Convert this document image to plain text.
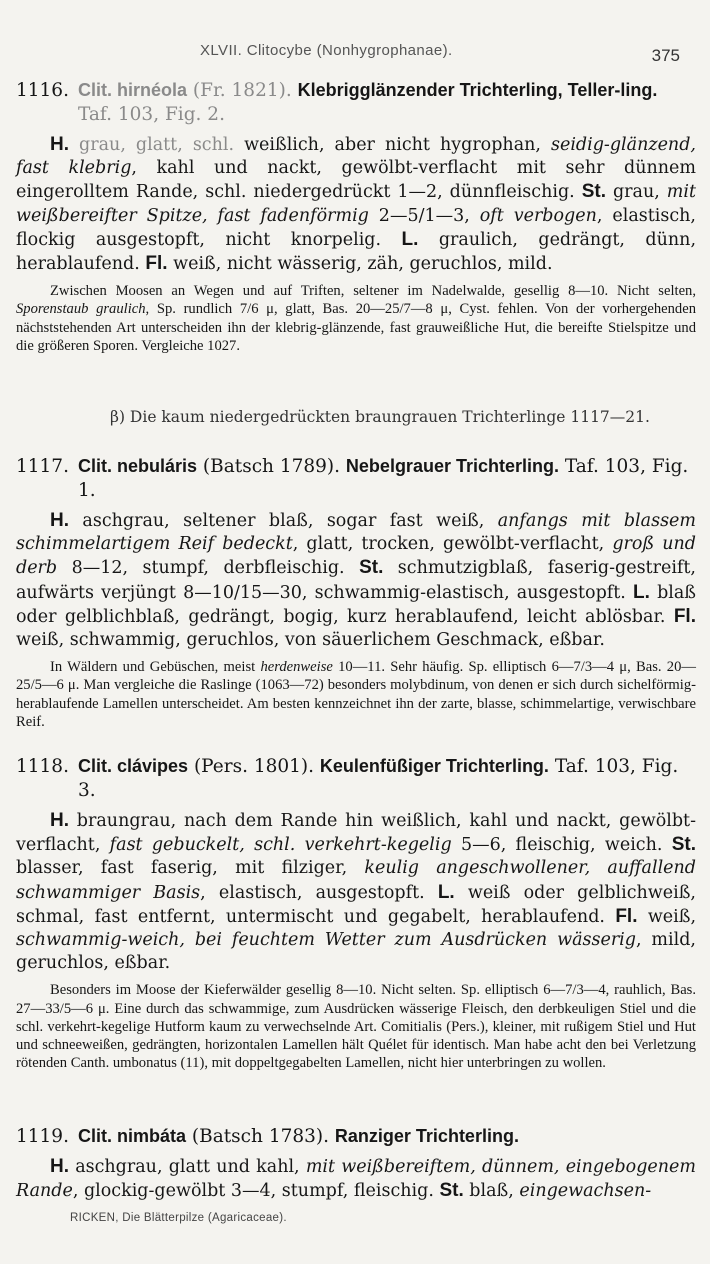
XLVII. Clitocybe (Nonhygrophanae).	375
1116. Clit. hirnéola (Fr. 1821). Klebrigglänzender Trichterling, Teller-ling. Taf. 103, Fig. 2.
H. grau, glatt, schl. weißlich, aber nicht hygrophan, seidig-glänzend, fast klebrig, kahl und nackt, gewölbt-verflacht mit sehr dünnem eingerolltem Rande, schl. niedergedrückt 1—2, dünnfleischig. St. grau, mit weißbereifter Spitze, fast fadenförmig 2—5/1—3, oft verbogen, elastisch, flockig ausgestopft, nicht knorpelig. L. graulich, gedrängt, dünn, herablaufend. Fl. weiß, nicht wässerig, zäh, geruchlos, mild.
Zwischen Moosen an Wegen und auf Triften, seltener im Nadelwalde, gesellig 8—10. Nicht selten, Sporenstaub graulich, Sp. rundlich 7/6 μ, glatt, Bas. 20—25/7—8 μ, Cyst. fehlen. Von der vorhergehenden nächststehenden Art unterscheiden ihn der klebrig-glänzende, fast grauweißliche Hut, die bereifte Stielspitze und die größeren Sporen. Vergleiche 1027.
β) Die kaum niedergedrückten braungrauen Trichterlinge 1117—21.
1117. Clit. nebuláris (Batsch 1789). Nebelgrauer Trichterling. Taf. 103, Fig. 1.
H. aschgrau, seltener blaß, sogar fast weiß, anfangs mit blassem schimmelartigem Reif bedeckt, glatt, trocken, gewölbt-verflacht, groß und derb 8—12, stumpf, derbfleischig. St. schmutzigblaß, faserig-gestreift, aufwärts verjüngt 8—10/15—30, schwammig-elastisch, ausgestopft. L. blaß oder gelblichblaß, gedrängt, bogig, kurz herablaufend, leicht ablösbar. Fl. weiß, schwammig, geruchlos, von säuerlichem Geschmack, eßbar.
In Wäldern und Gebüschen, meist herdenweise 10—11. Sehr häufig. Sp. elliptisch 6—7/3—4 μ, Bas. 20—25/5—6 μ. Man vergleiche die Raslinge (1063—72) besonders molybdinum, von denen er sich durch sichelförmig-herablaufende Lamellen unterscheidet. Am besten kennzeichnet ihn der zarte, blasse, schimmelartige, verwischbare Reif.
1118. Clit. clávipes (Pers. 1801). Keulenfüßiger Trichterling. Taf. 103, Fig. 3.
H. braungrau, nach dem Rande hin weißlich, kahl und nackt, gewölbt-verflacht, fast gebuckelt, schl. verkehrt-kegelig 5—6, fleischig, weich. St. blasser, fast faserig, mit filziger, keulig angeschwollener, auffallend schwammiger Basis, elastisch, ausgestopft. L. weiß oder gelblichweiß, schmal, fast entfernt, untermischt und gegabelt, herablaufend. Fl. weiß, schwammig-weich, bei feuchtem Wetter zum Ausdrücken wässerig, mild, geruchlos, eßbar.
Besonders im Moose der Kieferwälder gesellig 8—10. Nicht selten. Sp. elliptisch 6—7/3—4, rauhlich, Bas. 27—33/5—6 μ. Eine durch das schwammige, zum Ausdrücken wässerige Fleisch, den derbkeuligen Stiel und die schl. verkehrt-kegelige Hutform kaum zu verwechselnde Art. Comitialis (Pers.), kleiner, mit rußigem Stiel und Hut und schneeweißen, gedrängten, horizontalen Lamellen hält Quélet für identisch. Man habe acht den bei Verletzung rötenden Canth. umbonatus (11), mit doppeltgegabelten Lamellen, nicht hier unterbringen zu wollen.
1119. Clit. nimbáta (Batsch 1783). Ranziger Trichterling.
H. aschgrau, glatt und kahl, mit weißbereiftem, dünnem, eingebogenem Rande, glockig-gewölbt 3—4, stumpf, fleischig. St. blaß, eingewachsen-
RICKEN, Die Blätterpilze (Agaricaceae).
